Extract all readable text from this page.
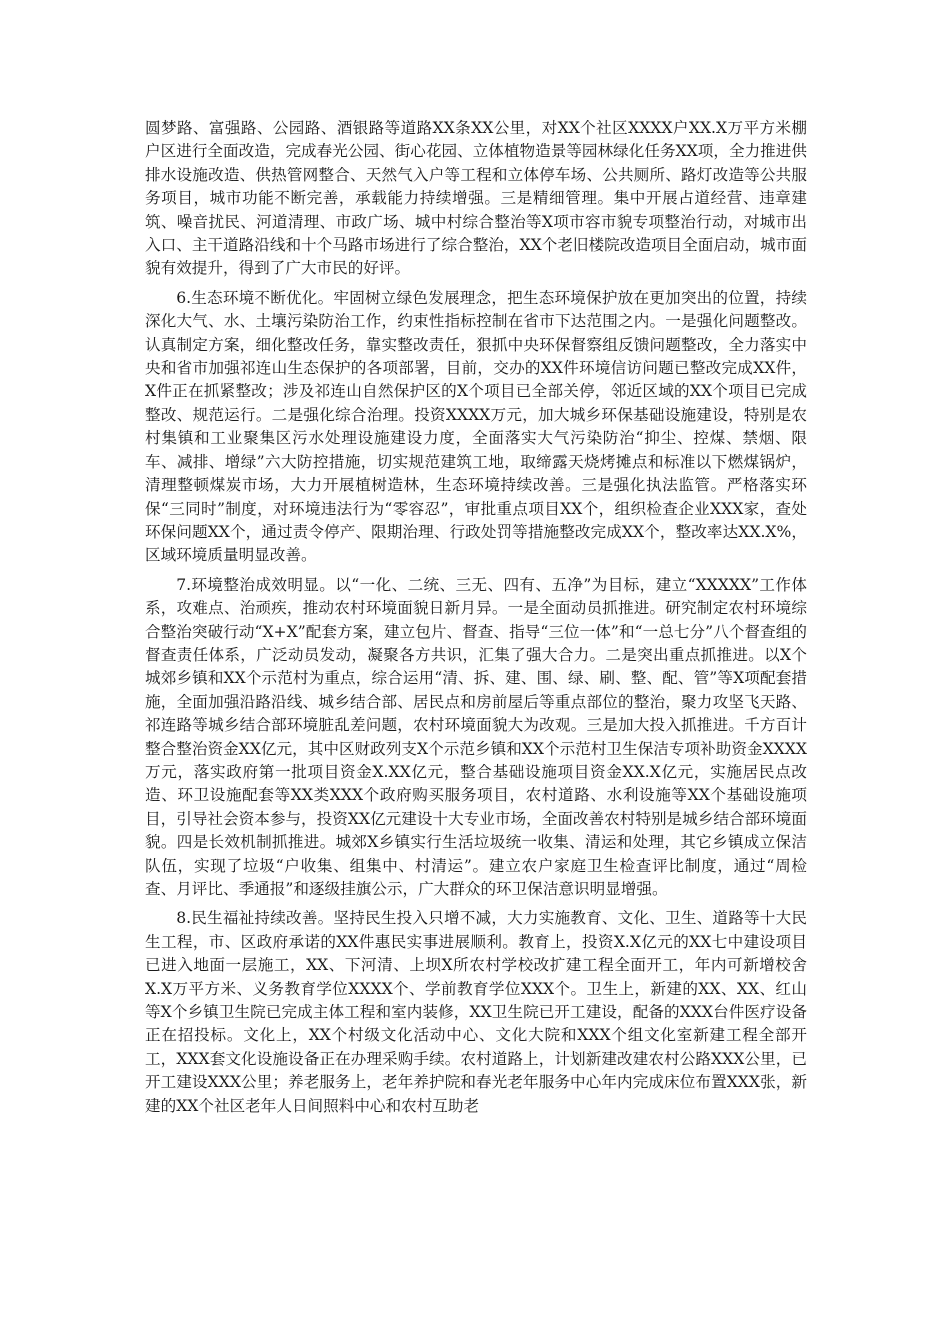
圆梦路、富强路、公园路、酒银路等道路XX条XX公里，对XX个社区XXXX户XX.X万平方米棚户区进行全面改造，完成春光公园、街心花园、立体植物造景等园林绿化任务XX项，全力推进供排水设施改造、供热管网整合、天然气入户等工程和立体停车场、公共厕所、路灯改造等公共服务项目，城市功能不断完善，承载能力持续增强。三是精细管理。集中开展占道经营、违章建筑、噪音扰民、河道清理、市政广场、城中村综合整治等X项市容市貌专项整治行动，对城市出入口、主干道路沿线和十个马路市场进行了综合整治，XX个老旧楼院改造项目全面启动，城市面貌有效提升，得到了广大市民的好评。

6.生态环境不断优化。牢固树立绿色发展理念，把生态环境保护放在更加突出的位置，持续深化大气、水、土壤污染防治工作，约束性指标控制在省市下达范围之内。一是强化问题整改。认真制定方案，细化整改任务，靠实整改责任，狠抓中央环保督察组反馈问题整改，全力落实中央和省市加强祁连山生态保护的各项部署，目前，交办的XX件环境信访问题已整改完成XX件，X件正在抓紧整改；涉及祁连山自然保护区的X个项目已全部关停，邻近区域的XX个项目已完成整改、规范运行。二是强化综合治理。投资XXXX万元，加大城乡环保基础设施建设，特别是农村集镇和工业聚集区污水处理设施建设力度，全面落实大气污染防治“抑尘、控煤、禁烟、限车、减排、增绿”六大防控措施，切实规范建筑工地，取缔露天烧烤摊点和标准以下燃煤锅炉，清理整顿煤炭市场，大力开展植树造林，生态环境持续改善。三是强化执法监管。严格落实环保“三同时”制度，对环境违法行为“零容忍”，审批重点项目XX个，组织检查企业XXX家，查处环保问题XX个，通过责令停产、限期治理、行政处罚等措施整改完成XX个，整改率达XX.X%，区域环境质量明显改善。

7.环境整治成效明显。以“一化、二统、三无、四有、五净”为目标，建立“XXXXX”工作体系，攻难点、治顽疾，推动农村环境面貌日新月异。一是全面动员抓推进。研究制定农村环境综合整治突破行动“X+X”配套方案，建立包片、督查、指导“三位一体”和“一总七分”八个督查组的督查责任体系，广泛动员发动，凝聚各方共识，汇集了强大合力。二是突出重点抓推进。以X个城郊乡镇和XX个示范村为重点，综合运用“清、拆、建、围、绿、刷、整、配、管”等X项配套措施，全面加强沿路沿线、城乡结合部、居民点和房前屋后等重点部位的整治，聚力攻坚飞天路、祁连路等城乡结合部环境脏乱差问题，农村环境面貌大为改观。三是加大投入抓推进。千方百计整合整治资金XX亿元，其中区财政列支X个示范乡镇和XX个示范村卫生保洁专项补助资金XXXX万元，落实政府第一批项目资金X.XX亿元，整合基础设施项目资金XX.X亿元，实施居民点改造、环卫设施配套等XX类XXX个政府购买服务项目，农村道路、水利设施等XX个基础设施项目，引导社会资本参与，投资XX亿元建设十大专业市场，全面改善农村特别是城乡结合部环境面貌。四是长效机制抓推进。城郊X乡镇实行生活垃圾统一收集、清运和处理，其它乡镇成立保洁队伍，实现了垃圾“户收集、组集中、村清运”。建立农户家庭卫生检查评比制度，通过“周检查、月评比、季通报”和逐级挂旗公示，广大群众的环卫保洁意识明显增强。

8.民生福祉持续改善。坚持民生投入只增不减，大力实施教育、文化、卫生、道路等十大民生工程，市、区政府承诺的XX件惠民实事进展顺利。教育上，投资X.X亿元的XX七中建设项目已进入地面一层施工，XX、下河清、上坝X所农村学校改扩建工程全面开工，年内可新增校舍X.X万平方米、义务教育学位XXXX个、学前教育学位XXX个。卫生上，新建的XX、XX、红山等X个乡镇卫生院已完成主体工程和室内装修，XX卫生院已开工建设，配备的XXX台件医疗设备正在招投标。文化上，XX个村级文化活动中心、文化大院和XXX个组文化室新建工程全部开工，XXX套文化设施设备正在办理采购手续。农村道路上，计划新建改建农村公路XXX公里，已开工建设XXX公里；养老服务上，老年养护院和春光老年服务中心年内完成床位布置XXX张，新建的XX个社区老年人日间照料中心和农村互助老
